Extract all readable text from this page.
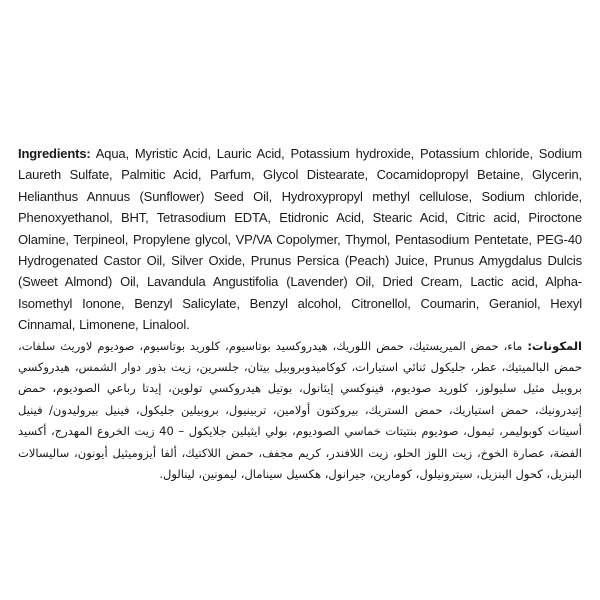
Ingredients: Aqua, Myristic Acid, Lauric Acid, Potassium hydroxide, Potassium chloride, Sodium Laureth Sulfate, Palmitic Acid, Parfum, Glycol Distearate, Cocamidopropyl Betaine, Glycerin, Helianthus Annuus (Sunflower) Seed Oil, Hydroxypropyl methyl cellulose, Sodium chloride, Phenoxyethanol, BHT, Tetrasodium EDTA, Etidronic Acid, Stearic Acid, Citric acid, Piroctone Olamine, Terpineol, Propylene glycol, VP/VA Copolymer, Thymol, Pentasodium Pentetate, PEG-40 Hydrogenated Castor Oil, Silver Oxide, Prunus Persica (Peach) Juice, Prunus Amygdalus Dulcis (Sweet Almond) Oil, Lavandula Angustifolia (Lavender) Oil, Dried Cream, Lactic acid, Alpha-Isomethyl Ionone, Benzyl Salicylate, Benzyl alcohol, Citronellol, Coumarin, Geraniol, Hexyl Cinnamal, Limonene, Linalool.

المكونات: ماء، حمض الميريستيك، حمض اللوريك، هيدروكسيد بوتاسيوم، كلوريد بوتاسيوم، صوديوم لاوريث سلفات، حمض البالميتيك، عطر، جليكول ثنائي استيارات، كوكاميدوبروبيل بيتان، جلسرين، زيت بذور دوار الشمس، هيدروكسي بروبيل مثيل سليولوز، كلوريد صوديوم، فينوكسي إيثانول، بوتيل هيدروكسي تولوين، إيدتا رباعي الصوديوم، حمض إتيدرونيك، حمض استياريك، حمض الستريك، بيروكتون أولامين، تربينيول، بروبيلين جليكول، فينيل بيروليدون/ فينيل أسيتات كوبوليمر، ثيمول، صوديوم بنتيتات خماسي الصوديوم، بولي ايثيلين جلايكول – 40 زيت الخروع المهدرج، أكسيد الفضة، عصارة الخوخ، زيت اللوز الحلو، زيت اللافندر، كريم مجفف، حمض اللاكتيك، ألفا أيزوميثيل أيونون، ساليسالات البنزيل، كحول البنزيل، سيترونيلول، كومارين، جيرانول، هكسيل سينامال، ليمونين، لينالول.
